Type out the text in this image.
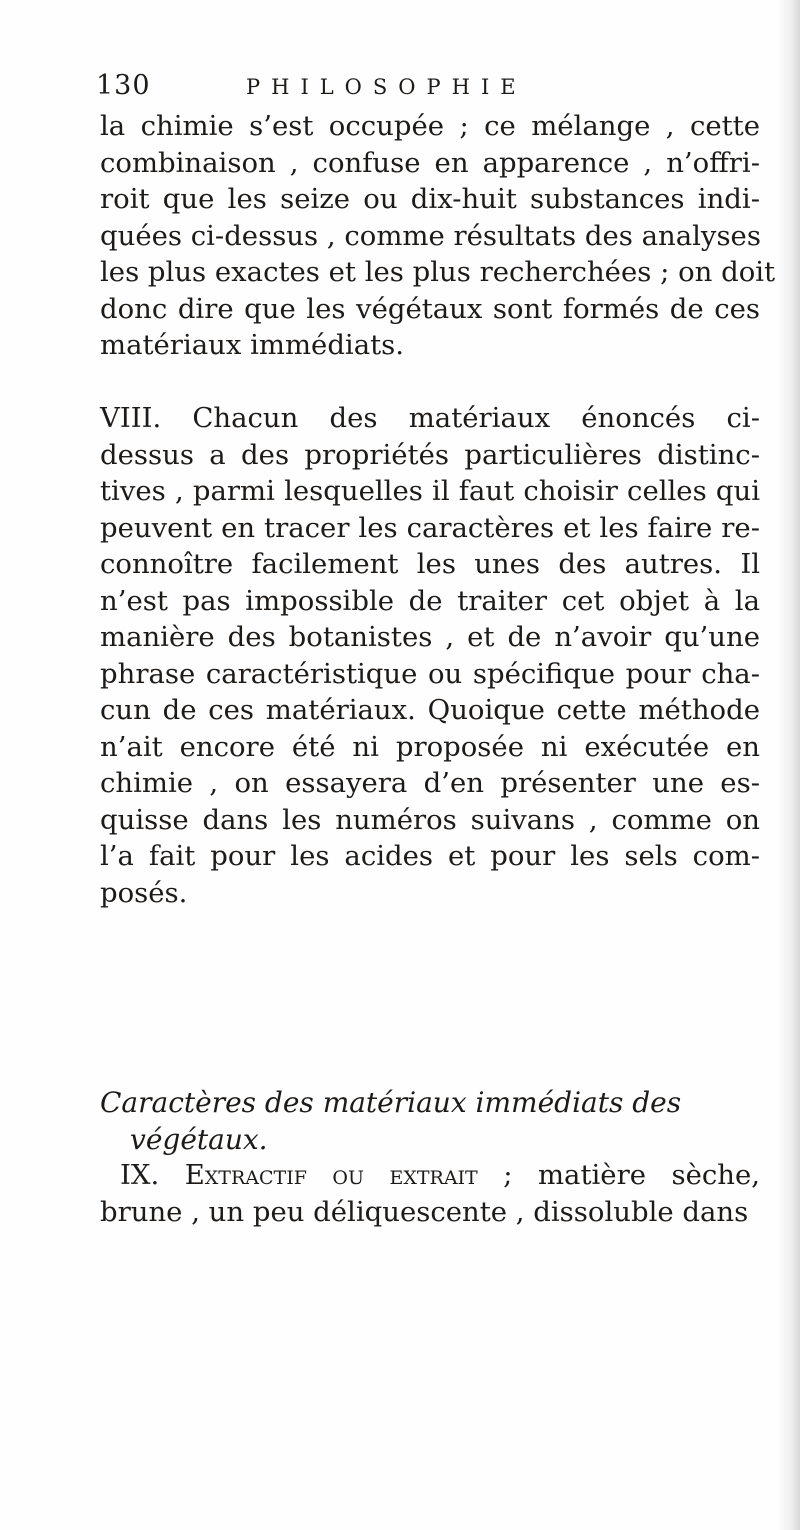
130	PHILOSOPHIE
la chimie s’est occupée ; ce mélange , cette
combinaison , confuse en apparence , n’offri-
roit que les seize ou dix-huit substances indi-
quées ci-dessus , comme résultats des analyses
les plus exactes et les plus recherchées ; on doit
donc dire que les végétaux sont formés de ces
matériaux immédiats.
VIII. Chacun des matériaux énoncés ci-
dessus a des propriétés particulières distinc-
tives , parmi lesquelles il faut choisir celles qui
peuvent en tracer les caractères et les faire re-
connoître facilement les unes des autres. Il
n’est pas impossible de traiter cet objet à la
manière des botanistes , et de n’avoir qu’une
phrase caractéristique ou spécifique pour cha-
cun de ces matériaux. Quoique cette méthode
n’ait encore été ni proposée ni exécutée en
chimie , on essayera d’en présenter une es-
quisse dans les numéros suivans , comme on
l’a fait pour les acides et pour les sels com-
posés.
Caractères des matériaux immédiats des
végétaux.
IX. Extractif ou extrait ; matière sèche,
brune , un peu déliquescente , dissoluble dans
